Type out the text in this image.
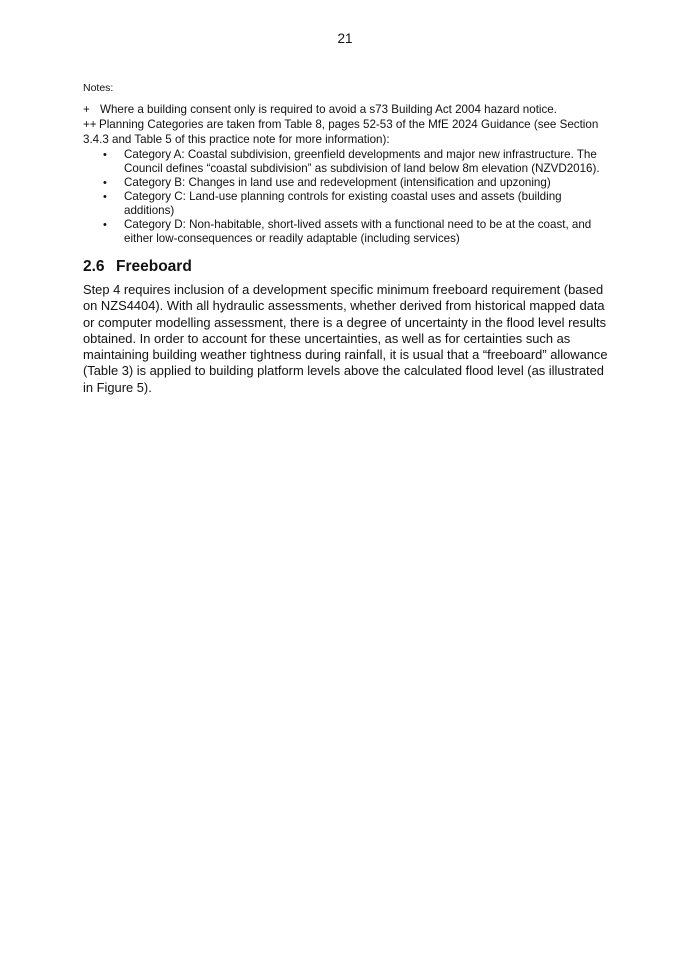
21
Notes:
+ Where a building consent only is required to avoid a s73 Building Act 2004 hazard notice.
++ Planning Categories are taken from Table 8, pages 52-53 of the MfE 2024 Guidance (see Section 3.4.3 and Table 5 of this practice note for more information):
• Category A: Coastal subdivision, greenfield developments and major new infrastructure. The Council defines “coastal subdivision” as subdivision of land below 8m elevation (NZVD2016).
• Category B: Changes in land use and redevelopment (intensification and upzoning)
• Category C: Land-use planning controls for existing coastal uses and assets (building additions)
• Category D: Non-habitable, short-lived assets with a functional need to be at the coast, and either low-consequences or readily adaptable (including services)
2.6 Freeboard

Step 4 requires inclusion of a development specific minimum freeboard requirement (based on NZS4404). With all hydraulic assessments, whether derived from historical mapped data or computer modelling assessment, there is a degree of uncertainty in the flood level results obtained. In order to account for these uncertainties, as well as for certainties such as maintaining building weather tightness during rainfall, it is usual that a “freeboard” allowance (Table 3) is applied to building platform levels above the calculated flood level (as illustrated in Figure 5).
